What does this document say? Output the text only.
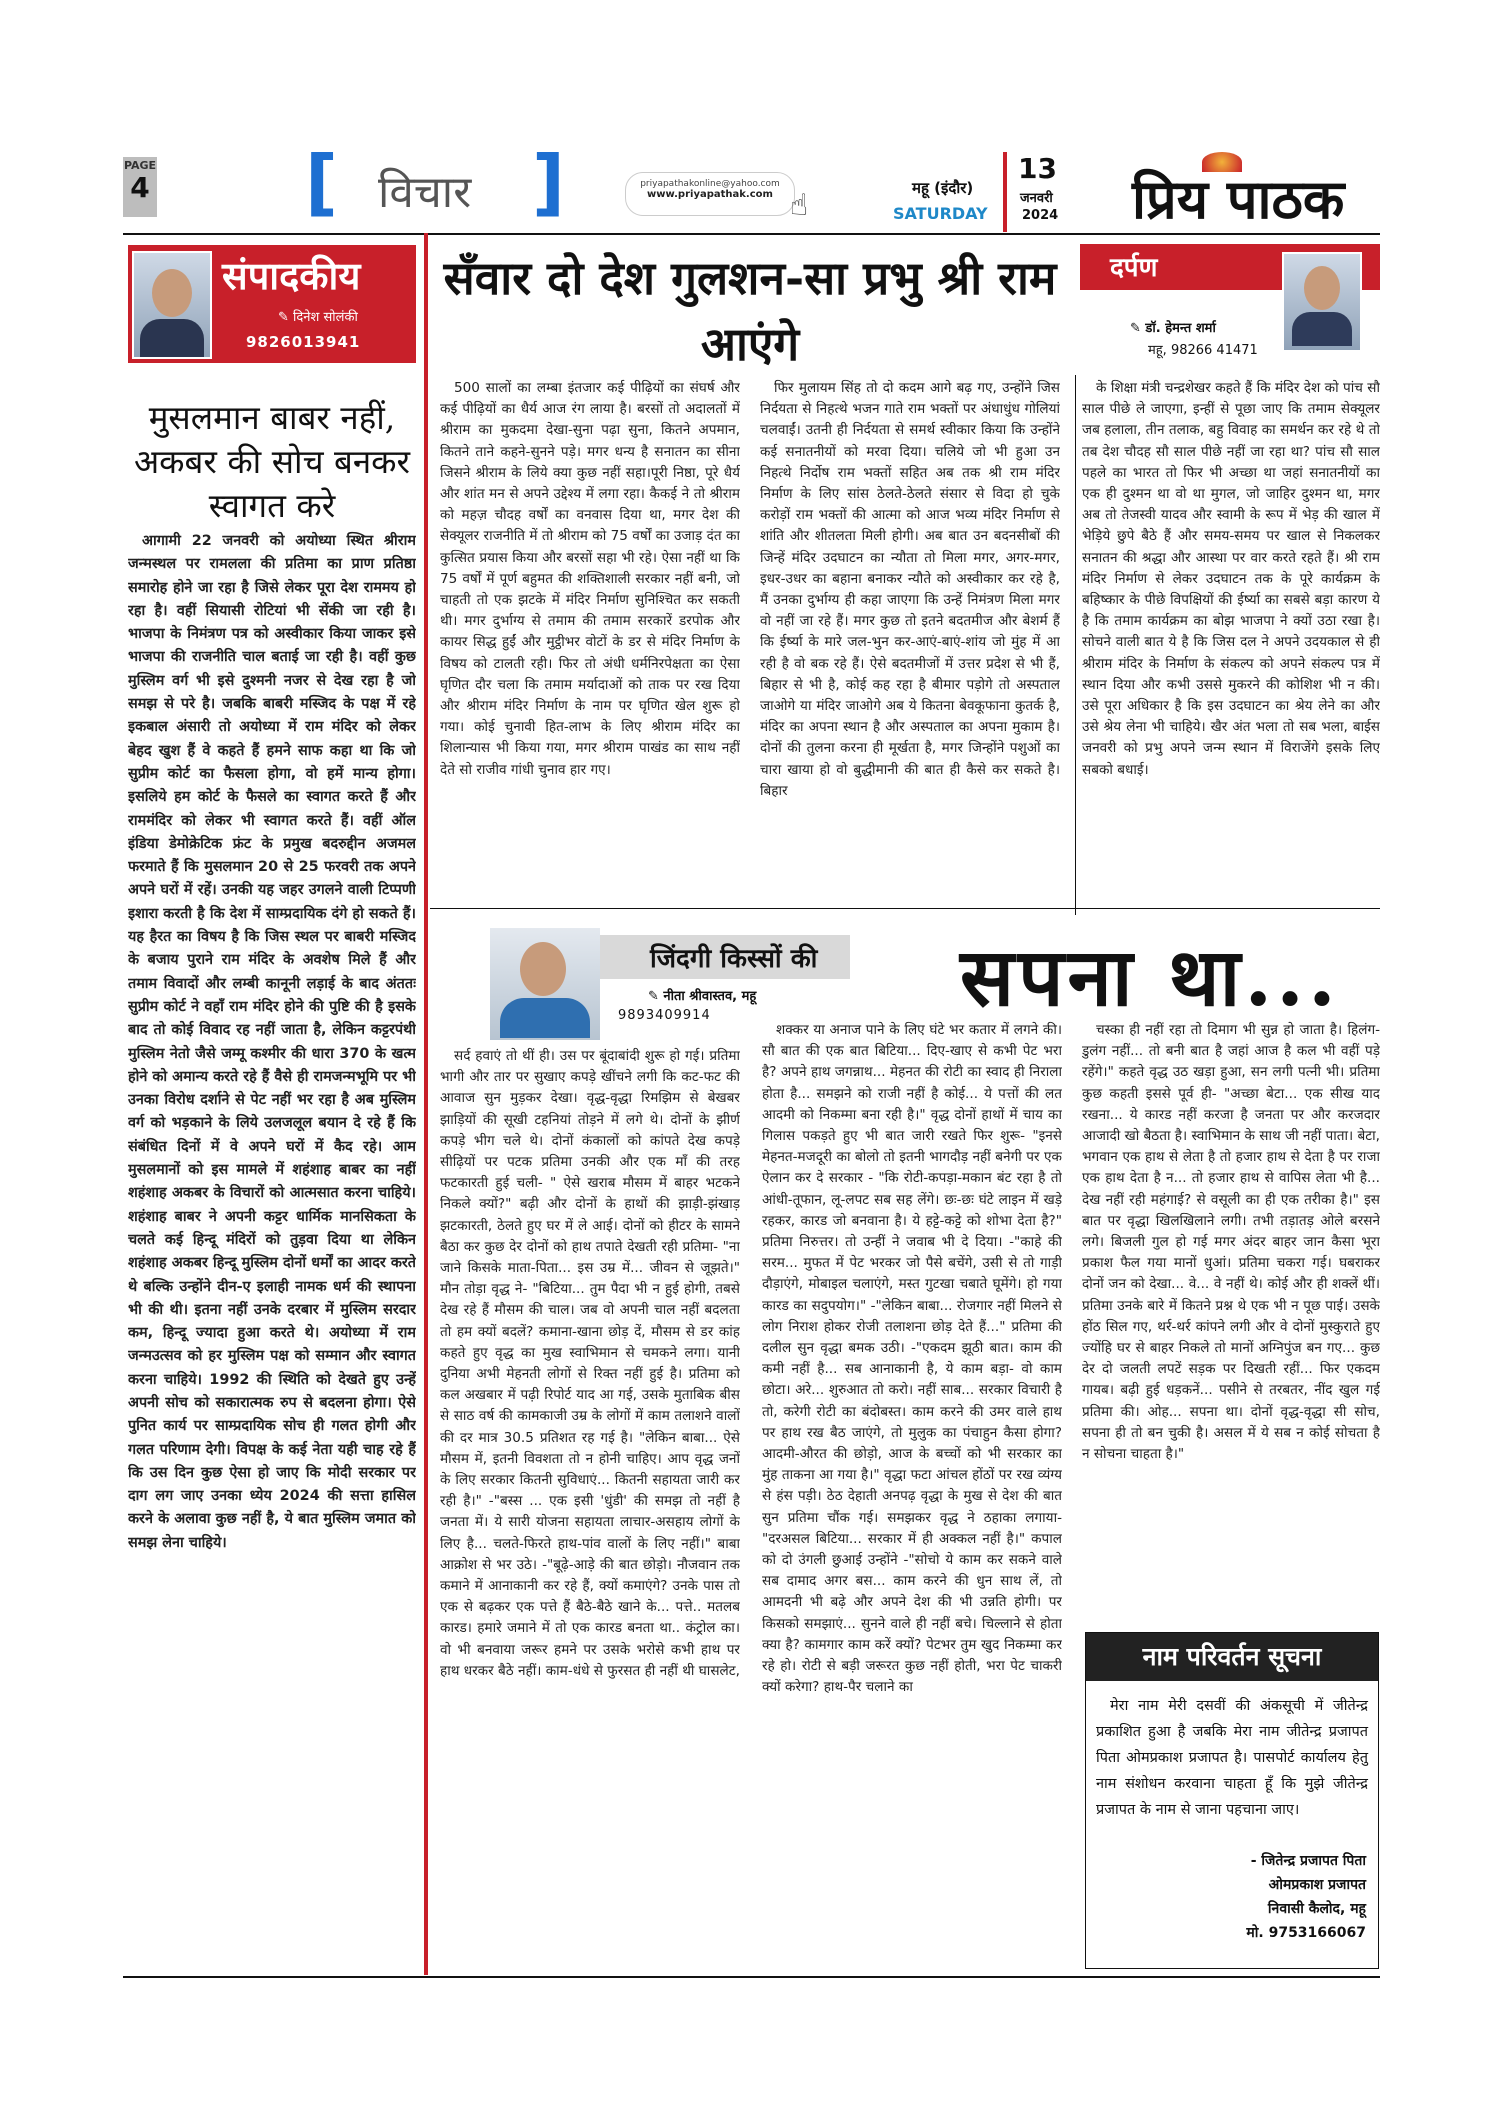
PAGE
4 [ विचार ]	priyapathakonline@yahoo.com
www.priyapathak.com ☝	महू (इंदौर)
SATURDAY
13
जनवरी
2024 प्रिय पाठक
संपादकीय
✎ दिनेश सोलंकी
9826013941
मुसलमान बाबर नहीं, अकबर की सोच बनकर स्वागत करे

आगामी 22 जनवरी को अयोध्या स्थित श्रीराम जन्मस्थल पर रामलला की प्रतिमा का प्राण प्रतिष्ठा समारोह होने जा रहा है जिसे लेकर पूरा देश राममय हो रहा है। वहीं सियासी रोटियां भी सेंकी जा रही है। भाजपा के निमंत्रण पत्र को अस्वीकार किया जाकर इसे भाजपा की राजनीति चाल बताई जा रही है। वहीं कुछ मुस्लिम वर्ग भी इसे दुश्मनी नजर से देख रहा है जो समझ से परे है। जबकि बाबरी मस्जिद के पक्ष में रहे इकबाल अंसारी तो अयोध्या में राम मंदिर को लेकर बेहद खुश हैं वे कहते हैं हमने साफ कहा था कि जो सुप्रीम कोर्ट का फैसला होगा, वो हमें मान्य होगा। इसलिये हम कोर्ट के फैसले का स्वागत करते हैं और राममंदिर को लेकर भी स्वागत करते हैं। वहीं ऑल इंडिया डेमोक्रेटिक फ्रंट के प्रमुख बदरुद्दीन अजमल फरमाते हैं कि मुसलमान 20 से 25 फरवरी तक अपने अपने घरों में रहें। उनकी यह जहर उगलने वाली टिप्पणी इशारा करती है कि देश में साम्प्रदायिक दंगे हो सकते हैं। यह हैरत का विषय है कि जिस स्थल पर बाबरी मस्जिद के बजाय पुराने राम मंदिर के अवशेष मिले हैं और तमाम विवादों और लम्बी कानूनी लड़ाई के बाद अंततः सुप्रीम कोर्ट ने वहाँ राम मंदिर होने की पुष्टि की है इसके बाद तो कोई विवाद रह नहीं जाता है, लेकिन कट्टरपंथी मुस्लिम नेतो जैसे जम्मू कश्मीर की धारा 370 के खत्म होने को अमान्य करते रहे हैं वैसे ही रामजन्मभूमि पर भी उनका विरोध दर्शाने से पेट नहीं भर रहा है अब मुस्लिम वर्ग को भड़काने के लिये उलजलूल बयान दे रहे हैं कि संबंधित दिनों में वे अपने घरों में कैद रहे। आम मुसलमानों को इस मामले में शहंशाह बाबर का नहीं शहंशाह अकबर के विचारों को आत्मसात करना चाहिये। शहंशाह बाबर ने अपनी कट्टर धार्मिक मानसिकता के चलते कई हिन्दू मंदिरों को तुड़वा दिया था लेकिन शहंशाह अकबर हिन्दू मुस्लिम दोनों धर्मों का आदर करते थे बल्कि उन्होंने दीन-ए इलाही नामक धर्म की स्थापना भी की थी। इतना नहीं उनके दरबार में मुस्लिम सरदार कम, हिन्दू ज्यादा हुआ करते थे। अयोध्या में राम जन्मउत्सव को हर मुस्लिम पक्ष को सम्मान और स्वागत करना चाहिये। 1992 की स्थिति को देखते हुए उन्हें अपनी सोच को सकारात्मक रुप से बदलना होगा। ऐसे पुनित कार्य पर साम्प्रदायिक सोच ही गलत होगी और गलत परिणाम देगी। विपक्ष के कई नेता यही चाह रहे हैं कि उस दिन कुछ ऐसा हो जाए कि मोदी सरकार पर दाग लग जाए उनका ध्येय 2024 की सत्ता हासिल करने के अलावा कुछ नहीं है, ये बात मुस्लिम जमात को समझ लेना चाहिये।

सँवार दो देश गुलशन-सा प्रभु श्री राम आएंगे
दर्पण
✎ डॉ. हेमन्त शर्मा
महू, 98266 41471

500 सालों का लम्बा इंतजार कई पीढ़ियों का संघर्ष और कई पीढ़ियों का धैर्य आज रंग लाया है। बरसों तो अदालतों में श्रीराम का मुकदमा देखा-सुना पढ़ा सुना, कितने अपमान, कितने ताने कहने-सुनने पड़े। मगर धन्य है सनातन का सीना जिसने श्रीराम के लिये क्या कुछ नहीं सहा।पूरी निष्ठा, पूरे धैर्य और शांत मन से अपने उद्देश्य में लगा रहा। कैकई ने तो श्रीराम को महज़ चौदह वर्षों का वनवास दिया था, मगर देश की सेक्यूलर राजनीति में तो श्रीराम को 75 वर्षों का उजाड़ दंत का कुत्सित प्रयास किया और बरसों सहा भी रहे। ऐसा नहीं था कि 75 वर्षों में पूर्ण बहुमत की शक्तिशाली सरकार नहीं बनी, जो चाहती तो एक झटके में मंदिर निर्माण सुनिश्चित कर सकती थी। मगर दुर्भाग्य से तमाम की तमाम सरकारें डरपोक और कायर सिद्ध हुईं और मुट्ठीभर वोटों के डर से मंदिर निर्माण के विषय को टालती रही। फिर तो अंधी धर्मनिरपेक्षता का ऐसा घृणित दौर चला कि तमाम मर्यादाओं को ताक पर रख दिया और श्रीराम मंदिर निर्माण के नाम पर घृणित खेल शुरू हो गया। कोई चुनावी हित-लाभ के लिए श्रीराम मंदिर का शिलान्यास भी किया गया, मगर श्रीराम पाखंड का साथ नहीं देते सो राजीव गांधी चुनाव हार गए।

फिर मुलायम सिंह तो दो कदम आगे बढ़ गए, उन्होंने जिस निर्दयता से निहत्थे भजन गाते राम भक्तों पर अंधाधुंध गोलियां चलवाईं। उतनी ही निर्दयता से समर्थ स्वीकार किया कि उन्होंने कई सनातनीयों को मरवा दिया। चलिये जो भी हुआ उन निहत्थे निर्दोष राम भक्तों सहित अब तक श्री राम मंदिर निर्माण के लिए सांस ठेलते-ठेलते संसार से विदा हो चुके करोड़ों राम भक्तों की आत्मा को आज भव्य मंदिर निर्माण से शांति और शीतलता मिली होगी। अब बात उन बदनसीबों की जिन्हें मंदिर उदघाटन का न्यौता तो मिला मगर, अगर-मगर, इधर-उधर का बहाना बनाकर न्यौते को अस्वीकार कर रहे है, मैं उनका दुर्भाग्य ही कहा जाएगा कि उन्हें निमंत्रण मिला मगर वो नहीं जा रहे हैं। मगर कुछ तो इतने बदतमीज और बेशर्म हैं कि ईर्ष्या के मारे जल-भुन कर-आएं-बाएं-शांय जो मुंह में आ रही है वो बक रहे हैं। ऐसे बदतमीजों में उत्तर प्रदेश से भी हैं, बिहार से भी है, कोई कह रहा है बीमार पड़ोगे तो अस्पताल जाओगे या मंदिर जाओगे अब ये कितना बेवकूफाना कुतर्क है, मंदिर का अपना स्थान है और अस्पताल का अपना मुकाम है। दोनों की तुलना करना ही मूर्खता है, मगर जिन्होंने पशुओं का चारा खाया हो वो बुद्धीमानी की बात ही कैसे कर सकते है। बिहार

के शिक्षा मंत्री चन्द्रशेखर कहते हैं कि मंदिर देश को पांच सौ साल पीछे ले जाएगा, इन्हीं से पूछा जाए कि तमाम सेक्यूलर जब हलाला, तीन तलाक, बहु विवाह का समर्थन कर रहे थे तो तब देश चौदह सौ साल पीछे नहीं जा रहा था? पांच सौ साल पहले का भारत तो फिर भी अच्छा था जहां सनातनीयों का एक ही दुश्मन था वो था मुगल, जो जाहिर दुश्मन था, मगर अब तो तेजस्वी यादव और स्वामी के रूप में भेड़ की खाल में भेड़िये छुपे बैठे हैं और समय-समय पर खाल से निकलकर सनातन की श्रद्धा और आस्था पर वार करते रहते हैं। श्री राम मंदिर निर्माण से लेकर उदघाटन तक के पूरे कार्यक्रम के बहिष्कार के पीछे विपक्षियों की ईर्ष्या का सबसे बड़ा कारण ये है कि तमाम कार्यक्रम का बोझ भाजपा ने क्यों उठा रखा है। सोचने वाली बात ये है कि जिस दल ने अपने उदयकाल से ही श्रीराम मंदिर के निर्माण के संकल्प को अपने संकल्प पत्र में स्थान दिया और कभी उससे मुकरने की कोशिश भी न की। उसे पूरा अधिकार है कि इस उदघाटन का श्रेय लेने का और उसे श्रेय लेना भी चाहिये। खैर अंत भला तो सब भला, बाईस जनवरी को प्रभु अपने जन्म स्थान में विराजेंगे इसके लिए सबको बधाई।

जिंदगी किस्सों की
✎ नीता श्रीवास्तव, महू
9893409914	सपना था...

सर्द हवाएं तो थीं ही। उस पर बूंदाबांदी शुरू हो गई। प्रतिमा भागी और तार पर सुखाए कपड़े खींचने लगी कि कट-फट की आवाज सुन मुड़कर देखा। वृद्ध-वृद्धा रिमझिम से बेखबर झाड़ियों की सूखी टहनियां तोड़ने में लगे थे। दोनों के झीर्ण कपड़े भीग चले थे। दोनों कंकालों को कांपते देख कपड़े सीढ़ियों पर पटक प्रतिमा उनकी और एक माँ की तरह फटकारती हुई चली- " ऐसे खराब मौसम में बाहर भटकने निकले क्यों?" बढ़ी और दोनों के हाथों की झाड़ी-झंखाड़ झटकारती, ठेलते हुए घर में ले आई। दोनों को हीटर के सामने बैठा कर कुछ देर दोनों को हाथ तपाते देखती रही प्रतिमा- "ना जाने किसके माता-पिता... इस उम्र में... जीवन से जूझते।" मौन तोड़ा वृद्ध ने- "बिटिया... तुम पैदा भी न हुई होगी, तबसे देख रहे हैं मौसम की चाल। जब वो अपनी चाल नहीं बदलता तो हम क्यों बदलें? कमाना-खाना छोड़ दें, मौसम से डर कांह कहते हुए वृद्ध का मुख स्वाभिमान से चमकने लगा। यानी दुनिया अभी मेहनती लोगों से रिक्त नहीं हुई है। प्रतिमा को कल अखबार में पढ़ी रिपोर्ट याद आ गई, उसके मुताबिक बीस से साठ वर्ष की कामकाजी उम्र के लोगों में काम तलाशने वालों की दर मात्र 30.5 प्रतिशत रह गई है। "लेकिन बाबा... ऐसे मौसम में, इतनी विवशता तो न होनी चाहिए। आप वृद्ध जनों के लिए सरकार कितनी सुविधाएं... कितनी सहायता जारी कर रही है।" -"बस्स ... एक इसी 'धुंडी' की समझ तो नहीं है जनता में। ये सारी योजना सहायता लाचार-असहाय लोगों के लिए है... चलते-फिरते हाथ-पांव वालों के लिए नहीं।" बाबा आक्रोश से भर उठे। -"बूढ़े-आड़े की बात छोड़ो। नौजवान तक कमाने में आनाकानी कर रहे हैं, क्यों कमाएंगे? उनके पास तो एक से बढ़कर एक पत्ते हैं बैठे-बैठे खाने के... पत्ते.. मतलब कारड। हमारे जमाने में तो एक कारड बनता था.. कंट्रोल का। वो भी बनवाया जरूर हमने पर उसके भरोसे कभी हाथ पर हाथ धरकर बैठे नहीं। काम-धंधे से फुरसत ही नहीं थी घासलेट,

शक्कर या अनाज पाने के लिए घंटे भर कतार में लगने की। सौ बात की एक बात बिटिया... दिए-खाए से कभी पेट भरा है? अपने हाथ जगन्नाथ... मेहनत की रोटी का स्वाद ही निराला होता है... समझने को राजी नहीं है कोई... ये पत्तों की लत आदमी को निकम्मा बना रही है।" वृद्ध दोनों हाथों में चाय का गिलास पकड़ते हुए भी बात जारी रखते फिर शुरू- "इनसे मेहनत-मजदूरी का बोलो तो इतनी भागदौड़ नहीं बनेगी पर एक ऐलान कर दे सरकार - "कि रोटी-कपड़ा-मकान बंट रहा है तो आंधी-तूफान, लू-लपट सब सह लेंगे। छः-छः घंटे लाइन में खड़े रहकर, कारड जो बनवाना है। ये हट्टे-कट्टे को शोभा देता है?" प्रतिमा निरुत्तर। तो उन्हीं ने जवाब भी दे दिया। -"काहे की सरम... मुफत में पेट भरकर जो पैसे बचेंगे, उसी से तो गाड़ी दौड़ाएंगे, मोबाइल चलाएंगे, मस्त गुटखा चबाते घूमेंगे। हो गया कारड का सदुपयोग।" -"लेकिन बाबा... रोजगार नहीं मिलने से लोग निराश होकर रोजी तलाशना छोड़ देते हैं..." प्रतिमा की दलील सुन वृद्धा बमक उठी। -"एकदम झूठी बात। काम की कमी नहीं है... सब आनाकानी है, ये काम बड़ा- वो काम छोटा। अरे... शुरुआत तो करो। नहीं साब... सरकार विचारी है तो, करेगी रोटी का बंदोबस्त। काम करने की उमर वाले हाथ पर हाथ रख बैठ जाएंगे, तो मुलुक का पंचाहुन कैसा होगा? आदमी-औरत की छोड़ो, आज के बच्चों को भी सरकार का मुंह ताकना आ गया है।" वृद्धा फटा आंचल होंठों पर रख व्यंग्य से हंस पड़ी। ठेठ देहाती अनपढ़ वृद्धा के मुख से देश की बात सुन प्रतिमा चौंक गई। समझकर वृद्ध ने ठहाका लगाया- "दरअसल बिटिया... सरकार में ही अक्कल नहीं है।" कपाल को दो उंगली छुआई उन्होंने -"सोचो ये काम कर सकने वाले सब दामाद अगर बस... काम करने की धुन साथ लें, तो आमदनी भी बढ़े और अपने देश की भी उन्नति होगी। पर किसको समझाएं... सुनने वाले ही नहीं बचे। चिल्लाने से होता क्या है? कामगार काम करें क्यों? पेटभर तुम खुद निकम्मा कर रहे हो। रोटी से बड़ी जरूरत कुछ नहीं होती, भरा पेट चाकरी क्यों करेगा? हाथ-पैर चलाने का

चस्का ही नहीं रहा तो दिमाग भी सुन्न हो जाता है। हिलंग-डुलंग नहीं... तो बनी बात है जहां आज है कल भी वहीं पड़े रहेंगे।" कहते वृद्ध उठ खड़ा हुआ, सन लगी पत्नी भी। प्रतिमा कुछ कहती इससे पूर्व ही- "अच्छा बेटा... एक सीख याद रखना... ये कारड नहीं करजा है जनता पर और करजदार आजादी खो बैठता है। स्वाभिमान के साथ जी नहीं पाता। बेटा, भगवान एक हाथ से लेता है तो हजार हाथ से देता है पर राजा एक हाथ देता है न... तो हजार हाथ से वापिस लेता भी है... देख नहीं रही महंगाई? से वसूली का ही एक तरीका है।" इस बात पर वृद्धा खिलखिलाने लगी। तभी तड़ातड़ ओले बरसने लगे। बिजली गुल हो गई मगर अंदर बाहर जान कैसा भूरा प्रकाश फैल गया मानों धुआं। प्रतिमा चकरा गई। घबराकर दोनों जन को देखा... वे... वे नहीं थे। कोई और ही शक्लें थीं। प्रतिमा उनके बारे में कितने प्रश्न थे एक भी न पूछ पाई। उसके होंठ सिल गए, थर्र-थर्र कांपने लगी और वे दोनों मुस्कुराते हुए ज्योंहि घर से बाहर निकले तो मानों अग्निपुंज बन गए... कुछ देर दो जलती लपटें सड़क पर दिखती रहीं... फिर एकदम गायब। बढ़ी हुई धड़कनें... पसीने से तरबतर, नींद खुल गई प्रतिमा की। ओह... सपना था। दोनों वृद्ध-वृद्धा सी सोच, सपना ही तो बन चुकी है। असल में ये सब न कोई सोचता है न सोचना चाहता है।"

नाम परिवर्तन सूचना
मेरा नाम मेरी दसवीं की अंकसूची में जीतेन्द्र प्रकाशित हुआ है जबकि मेरा नाम जीतेन्द्र प्रजापत पिता ओमप्रकाश प्रजापत है। पासपोर्ट कार्यालय हेतु नाम संशोधन करवाना चाहता हूँ कि मुझे जीतेन्द्र प्रजापत के नाम से जाना पहचाना जाए।
- जितेन्द्र प्रजापत पिता
ओमप्रकाश प्रजापत
निवासी कैलोद, महू
मो. 9753166067
